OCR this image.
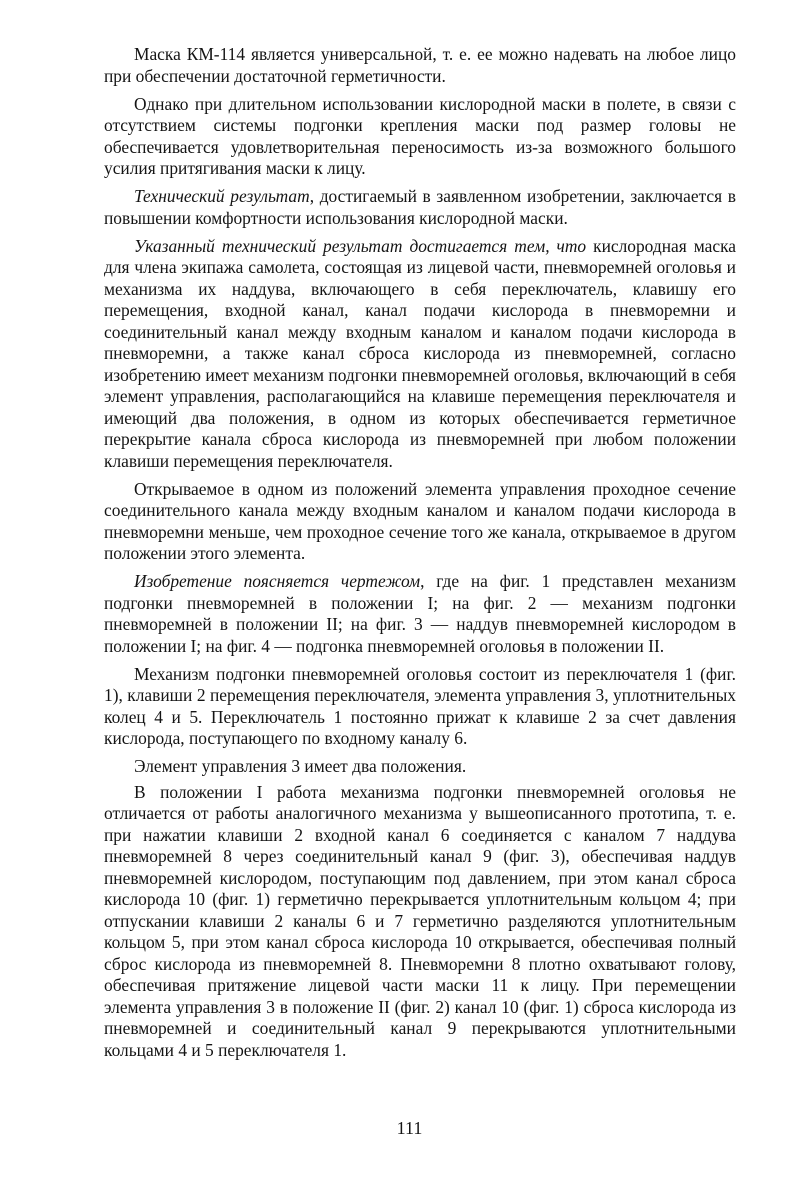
Маска КМ-114 является универсальной, т. е. ее можно надевать на любое лицо при обеспечении достаточной герметичности.

Однако при длительном использовании кислородной маски в полете, в связи с отсутствием системы подгонки крепления маски под размер головы не обеспечивается удовлетворительная переносимость из-за возможного большого усилия притягивания маски к лицу.

Технический результат, достигаемый в заявленном изобретении, заключается в повышении комфортности использования кислородной маски.

Указанный технический результат достигается тем, что кислородная маска для члена экипажа самолета, состоящая из лицевой части, пневморемней оголовья и механизма их наддува, включающего в себя переключатель, клавишу его перемещения, входной канал, канал подачи кислорода в пневморемни и соединительный канал между входным каналом и каналом подачи кислорода в пневморемни, а также канал сброса кислорода из пневморемней, согласно изобретению имеет механизм подгонки пневморемней оголовья, включающий в себя элемент управления, располагающийся на клавише перемещения переключателя и имеющий два положения, в одном из которых обеспечивается герметичное перекрытие канала сброса кислорода из пневморемней при любом положении клавиши перемещения переключателя.

Открываемое в одном из положений элемента управления проходное сечение соединительного канала между входным каналом и каналом подачи кислорода в пневморемни меньше, чем проходное сечение того же канала, открываемое в другом положении этого элемента.

Изобретение поясняется чертежом, где на фиг. 1 представлен механизм подгонки пневморемней в положении I; на фиг. 2 — механизм подгонки пневморемней в положении II; на фиг. 3 — наддув пневморемней кислородом в положении I; на фиг. 4 — подгонка пневморемней оголовья в положении II.

Механизм подгонки пневморемней оголовья состоит из переключателя 1 (фиг. 1), клавиши 2 перемещения переключателя, элемента управления 3, уплотнительных колец 4 и 5. Переключатель 1 постоянно прижат к клавише 2 за счет давления кислорода, поступающего по входному каналу 6.

Элемент управления 3 имеет два положения.

В положении I работа механизма подгонки пневморемней оголовья не отличается от работы аналогичного механизма у вышеописанного прототипа, т. е. при нажатии клавиши 2 входной канал 6 соединяется с каналом 7 наддува пневморемней 8 через соединительный канал 9 (фиг. 3), обеспечивая наддув пневморемней кислородом, поступающим под давлением, при этом канал сброса кислорода 10 (фиг. 1) герметично перекрывается уплотнительным кольцом 4; при отпускании клавиши 2 каналы 6 и 7 герметично разделяются уплотнительным кольцом 5, при этом канал сброса кислорода 10 открывается, обеспечивая полный сброс кислорода из пневморемней 8. Пневморемни 8 плотно охватывают голову, обеспечивая притяжение лицевой части маски 11 к лицу. При перемещении элемента управления 3 в положение II (фиг. 2) канал 10 (фиг. 1) сброса кислорода из пневморемней и соединительный канал 9 перекрываются уплотнительными кольцами 4 и 5 переключателя 1.

111
